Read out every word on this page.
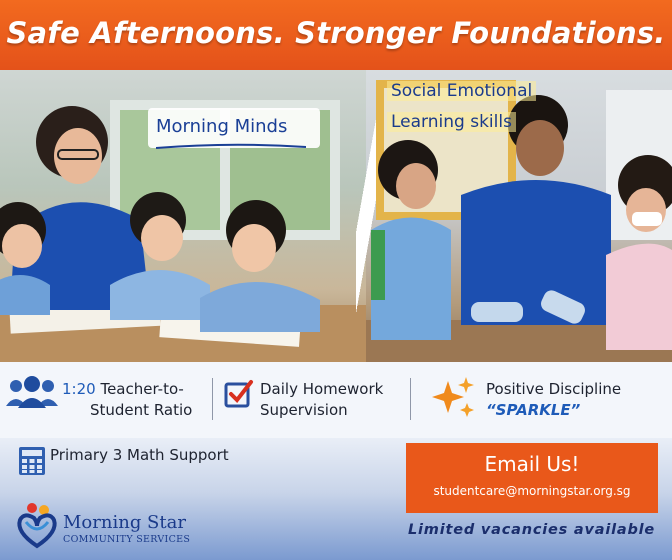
Safe Afternoons. Stronger Foundations.
Morning Minds
Social Emotional
Learning skills
1:20 Teacher-to-
Student Ratio
Daily Homework
Supervision
Positive Discipline
“SPARKLE”
Primary 3 Math Support	Email Us!
studentcare@morningstar.org.sg
Limited vacancies available
Morning Star
COMMUNITY SERVICES
